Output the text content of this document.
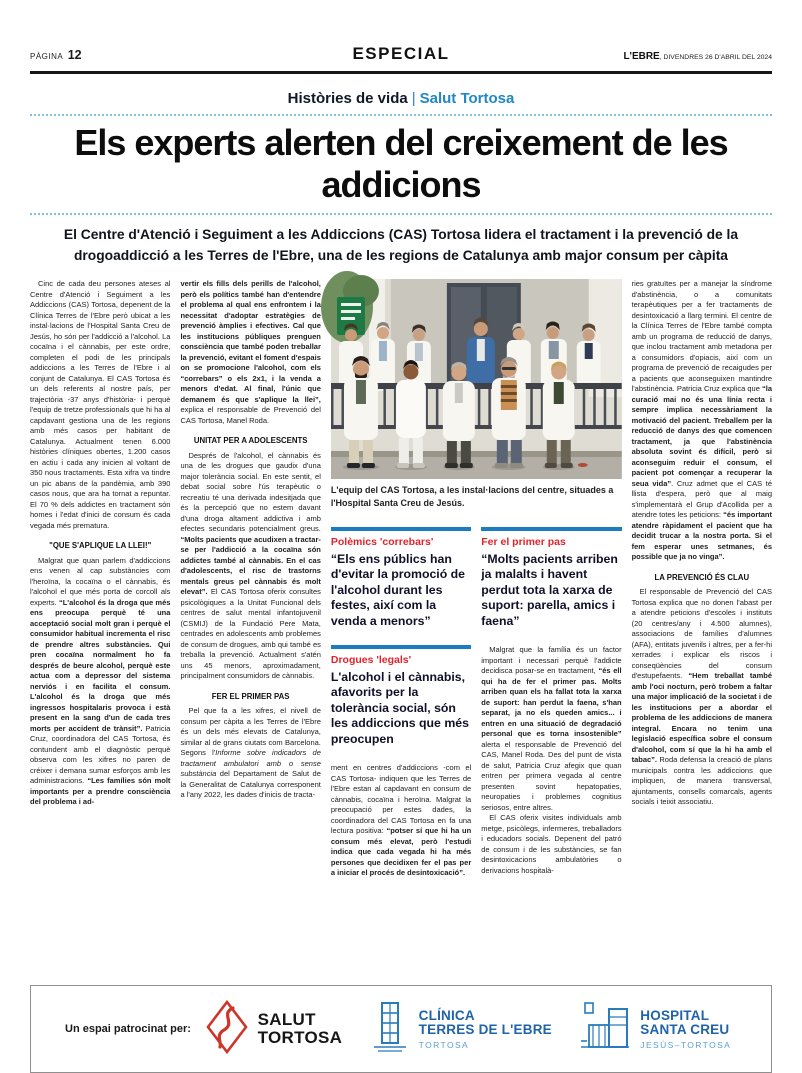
PÀGINA 12	ESPECIAL	L'EBRE, DIVENDRES 26 D'ABRIL DEL 2024
Històries de vida | Salut Tortosa
Els experts alerten del creixement de les addicions
El Centre d'Atenció i Seguiment a les Addiccions (CAS) Tortosa lidera el tractament i la prevenció de la drogoaddicció a les Terres de l'Ebre, una de les regions de Catalunya amb major consum per càpita

Cinc de cada deu persones ateses al Centre d'Atenció i Seguiment a les Addiccions (CAS) Tortosa, depenent de la Clínica Terres de l'Ebre però ubicat a les instal·lacions de l'Hospital Santa Creu de Jesús, ho són per l'addicció a l'alcohol. La cocaïna i el cànnabis, per este ordre, completen el podi de les principals addiccions a les Terres de l'Ebre i al conjunt de Catalunya. El CAS Tortosa és un dels referents al nostre país, per trajectòria -37 anys d'història- i perquè l'equip de tretze professionals que hi ha al capdavant gestiona una de les regions amb més casos per habitant de Catalunya. Actualment tenen 6.000 històries clíniques obertes, 1.200 casos en actiu i cada any inicien al voltant de 350 nous tractaments. Esta xifra va tindre un pic abans de la pandèmia, amb 390 casos nous, que ara ha tornat a repuntar. El 70 % dels addictes en tractament són homes i l'edat d'inici de consum és cada vegada més prematura.

"QUE S'APLIQUE LA LLEI!"

Malgrat que quan parlem d'addiccions ens venen al cap substàncies com l'heroïna, la cocaïna o el cànnabis, és l'alcohol el que més porta de corcoll als experts. “L'alcohol és la droga que més ens preocupa perquè té una acceptació social molt gran i perquè el consumidor habitual incrementa el risc de prendre altres substàncies. Qui pren cocaïna normalment ho fa després de beure alcohol, perquè este actua com a depressor del sistema nerviós i en facilita el consum. L'alcohol és la droga que més ingressos hospitalaris provoca i està present en la sang d'un de cada tres morts per accident de trànsit”. Patricia Cruz, coordinadora del CAS Tortosa, és contundent amb el diagnòstic perquè observa com les xifres no paren de créixer i demana sumar esforços amb les administracions. “Les famílies són molt importants per a prendre consciència del problema i ad-

vertir els fills dels perills de l'alcohol, però els polítics també han d'entendre el problema al qual ens enfrontem i la necessitat d'adoptar estratègies de prevenció àmplies i efectives. Cal que les institucions públiques prenguen consciència que també poden treballar la prevenció, evitant el foment d'espais on se promocione l'alcohol, com els “correbars” o els 2x1, i la venda a menors d'edat. Al final, l'únic que demanem és que s'aplique la llei”, explica el responsable de Prevenció del CAS Tortosa, Manel Roda.

UNITAT PER A ADOLESCENTS

Després de l'alcohol, el cànnabis és una de les drogues que gaudix d'una major tolerància social. En este sentit, el debat social sobre l'ús terapèutic o recreatiu té una derivada indesitjada que és la percepció que no estem davant d'una droga altament addictiva i amb efectes secundaris potencialment greus. “Molts pacients que acudixen a tractar-se per l'addicció a la cocaïna són addictes també al cànnabis. En el cas d'adolescents, el risc de trastorns mentals greus pel cànnabis és molt elevat”. El CAS Tortosa oferix consultes psicològiques a la Unitat Funcional dels centres de salut mental infantojuvenil (CSMIJ) de la Fundació Pere Mata, centrades en adolescents amb problemes de consum de drogues, amb qui també es treballa la prevenció. Actualment s'atén uns 45 menors, aproximadament, principalment consumidors de cànnabis.

FER EL PRIMER PAS

Pel que fa a les xifres, el nivell de consum per càpita a les Terres de l'Ebre és un dels més elevats de Catalunya, similar al de grans ciutats com Barcelona. Segons l'Informe sobre indicadors de tractament ambulatori amb o sense substància del Departament de Salut de la Generalitat de Catalunya corresponent a l'any 2022, les dades d'inicis de tracta-

L'equip del CAS Tortosa, a les instal·lacions del centre, situades a l'Hospital Santa Creu de Jesús.
Polèmics 'correbars'
“Els ens públics han d'evitar la promoció de l'alcohol durant les festes, així com la venda a menors”
Drogues 'legals'
L'alcohol i el cànnabis, afavorits per la tolerància social, són les addiccions que més preocupen

ment en centres d'addiccions -com el CAS Tortosa- indiquen que les Terres de l'Ebre estan al capdavant en consum de cànnabis, cocaïna i heroïna. Malgrat la preocupació per estes dades, la coordinadora del CAS Tortosa en fa una lectura positiva: “potser sí que hi ha un consum més elevat, però l'estudi indica que cada vegada hi ha més persones que decidixen fer el pas per a iniciar el procés de desintoxicació”.

Fer el primer pas
“Molts pacients arriben ja malalts i havent perdut tota la xarxa de suport: parella, amics i faena”

Malgrat que la família és un factor important i necessari perquè l'addicte decidisca posar-se en tractament, “és ell qui ha de fer el primer pas. Molts arriben quan els ha fallat tota la xarxa de suport: han perdut la faena, s'han separat, ja no els queden amics... i entren en una situació de degradació personal que es torna insostenible” alerta el responsable de Prevenció del CAS, Manel Roda. Des del punt de vista de salut, Patricia Cruz afegix que quan entren per primera vegada al centre presenten sovint hepatopaties, neuropaties i problemes cognitius seriosos, entre altres.

El CAS oferix visites individuals amb metge, psicòlegs, infermeres, treballadors i educadors socials. Depenent del patró de consum i de les substàncies, se fan desintoxicacions ambulatòries o derivacions hospitalà-

ries gratuïtes per a manejar la síndrome d'abstinència, o a comunitats terapèutiques per a fer tractaments de desintoxicació a llarg termini. El centre de la Clínica Terres de l'Ebre també compta amb un programa de reducció de danys, que inclou tractament amb metadona per a consumidors d'opiacis, així com un programa de prevenció de recaigudes per a pacients que aconseguixen mantindre l'abstinència. Patricia Cruz explica que “la curació mai no és una línia recta i sempre implica necessàriament la motivació del pacient. Treballem per la reducció de danys des que comencen tractament, ja que l'abstinència absoluta sovint és difícil, però si aconseguim reduir el consum, el pacient pot començar a recuperar la seua vida”. Cruz admet que el CAS té llista d'espera, però que al maig s'implementarà el Grup d'Acollida per a atendre totes les peticions: “és important atendre ràpidament el pacient que ha decidit trucar a la nostra porta. Si el fem esperar unes setmanes, és possible que ja no vinga”.

LA PREVENCIÓ ÉS CLAU

El responsable de Prevenció del CAS Tortosa explica que no donen l'abast per a atendre peticions d'escoles i instituts (20 centres/any i 4.500 alumnes), associacions de famílies d'alumnes (AFA), entitats juvenils i altres, per a fer-hi xerrades i explicar els riscos i conseqüències del consum d'estupefaents. “Hem treballat també amb l'oci nocturn, però trobem a faltar una major implicació de la societat i de les institucions per a abordar el problema de les addiccions de manera integral. Encara no tenim una legislació específica sobre el consum d'alcohol, com sí que la hi ha amb el tabac”. Roda defensa la creació de plans municipals contra les addiccions que impliquen, de manera transversal, ajuntaments, consells comarcals, agents socials i teixit associatiu.

Un espai patrocinat per:	SALUT
TORTOSA
CLÍNICA
TERRES DE L'EBRE
TORTOSA
HOSPITAL
SANTA CREU
JESÚS–TORTOSA
